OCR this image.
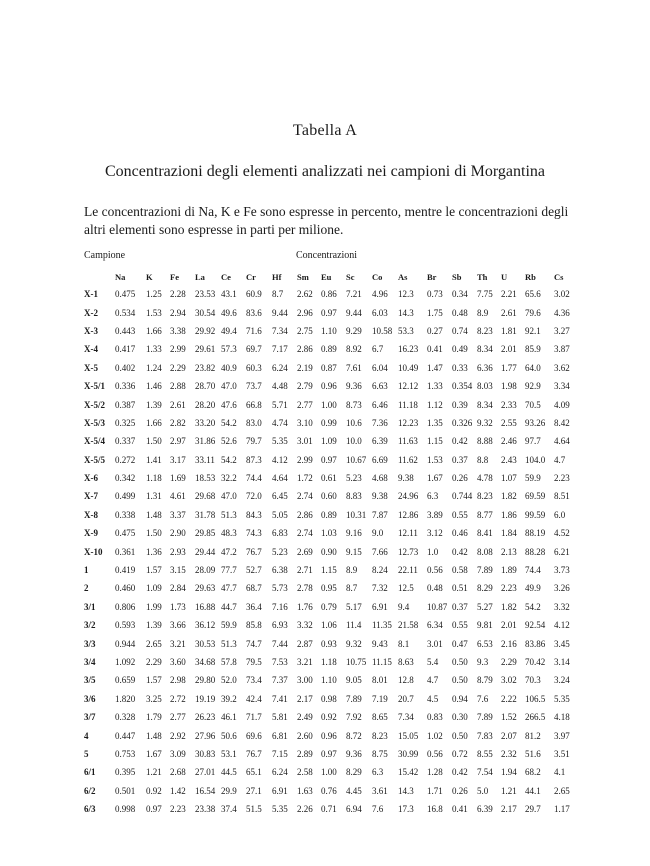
Tabella A
Concentrazioni degli elementi analizzati nei campioni di Morgantina
Le concentrazioni di Na, K e Fe sono espresse in percento, mentre le concentrazioni degli altri elementi sono espresse in parti per milione.
Campione	Concentrazioni
	Na	K	Fe	La	Ce	Cr	Hf	Sm	Eu	Sc	Co	As	Br	Sb	Th	U	Rb	Cs
X-1	0.475	1.25	2.28	23.53	43.1	60.9	8.7	2.62	0.86	7.21	4.96	12.3	0.73	0.34	7.75	2.21	65.6	3.02
X-2	0.534	1.53	2.94	30.54	49.6	83.6	9.44	2.96	0.97	9.44	6.03	14.3	1.75	0.48	8.9	2.61	79.6	4.36
X-3	0.443	1.66	3.38	29.92	49.4	71.6	7.34	2.75	1.10	9.29	10.58	53.3	0.27	0.74	8.23	1.81	92.1	3.27
X-4	0.417	1.33	2.99	29.61	57.3	69.7	7.17	2.86	0.89	8.92	6.7	16.23	0.41	0.49	8.34	2.01	85.9	3.87
X-5	0.402	1.24	2.29	23.82	40.9	60.3	6.24	2.19	0.87	7.61	6.04	10.49	1.47	0.33	6.36	1.77	64.0	3.62
X-5/1	0.336	1.46	2.88	28.70	47.0	73.7	4.48	2.79	0.96	9.36	6.63	12.12	1.33	0.354	8.03	1.98	92.9	3.34
X-5/2	0.387	1.39	2.61	28.20	47.6	66.8	5.71	2.77	1.00	8.73	6.46	11.18	1.12	0.39	8.34	2.33	70.5	4.09
X-5/3	0.325	1.66	2.82	33.20	54.2	83.0	4.74	3.10	0.99	10.6	7.36	12.23	1.35	0.326	9.32	2.55	93.26	8.42
X-5/4	0.337	1.50	2.97	31.86	52.6	79.7	5.35	3.01	1.09	10.0	6.39	11.63	1.15	0.42	8.88	2.46	97.7	4.64
X-5/5	0.272	1.41	3.17	33.11	54.2	87.3	4.12	2.99	0.97	10.67	6.69	11.62	1.53	0.37	8.8	2.43	104.0	4.7
X-6	0.342	1.18	1.69	18.53	32.2	74.4	4.64	1.72	0.61	5.23	4.68	9.38	1.67	0.26	4.78	1.07	59.9	2.23
X-7	0.499	1.31	4.61	29.68	47.0	72.0	6.45	2.74	0.60	8.83	9.38	24.96	6.3	0.744	8.23	1.82	69.59	8.51
X-8	0.338	1.48	3.37	31.78	51.3	84.3	5.05	2.86	0.89	10.31	7.87	12.86	3.89	0.55	8.77	1.86	99.59	6.0
X-9	0.475	1.50	2.90	29.85	48.3	74.3	6.83	2.74	1.03	9.16	9.0	12.11	3.12	0.46	8.41	1.84	88.19	4.52
X-10	0.361	1.36	2.93	29.44	47.2	76.7	5.23	2.69	0.90	9.15	7.66	12.73	1.0	0.42	8.08	2.13	88.28	6.21
1	0.419	1.57	3.15	28.09	77.7	52.7	6.38	2.71	1.15	8.9	8.24	22.11	0.56	0.58	7.89	1.89	74.4	3.73
2	0.460	1.09	2.84	29.63	47.7	68.7	5.73	2.78	0.95	8.7	7.32	12.5	0.48	0.51	8.29	2.23	49.9	3.26
3/1	0.806	1.99	1.73	16.88	44.7	36.4	7.16	1.76	0.79	5.17	6.91	9.4	10.87	0.37	5.27	1.82	54.2	3.32
3/2	0.593	1.39	3.66	36.12	59.9	85.8	6.93	3.32	1.06	11.4	11.35	21.58	6.34	0.55	9.81	2.01	92.54	4.12
3/3	0.944	2.65	3.21	30.53	51.3	74.7	7.44	2.87	0.93	9.32	9.43	8.1	3.01	0.47	6.53	2.16	83.86	3.45
3/4	1.092	2.29	3.60	34.68	57.8	79.5	7.53	3.21	1.18	10.75	11.15	8.63	5.4	0.50	9.3	2.29	70.42	3.14
3/5	0.659	1.57	2.98	29.80	52.0	73.4	7.37	3.00	1.10	9.05	8.01	12.8	4.7	0.50	8.79	3.02	70.3	3.24
3/6	1.820	3.25	2.72	19.19	39.2	42.4	7.41	2.17	0.98	7.89	7.19	20.7	4.5	0.94	7.6	2.22	106.5	5.35
3/7	0.328	1.79	2.77	26.23	46.1	71.7	5.81	2.49	0.92	7.92	8.65	7.34	0.83	0.30	7.89	1.52	266.5	4.18
4	0.447	1.48	2.92	27.96	50.6	69.6	6.81	2.60	0.96	8.72	8.23	15.05	1.02	0.50	7.83	2.07	81.2	3.97
5	0.753	1.67	3.09	30.83	53.1	76.7	7.15	2.89	0.97	9.36	8.75	30.99	0.56	0.72	8.55	2.32	51.6	3.51
6/1	0.395	1.21	2.68	27.01	44.5	65.1	6.24	2.58	1.00	8.29	6.3	15.42	1.28	0.42	7.54	1.94	68.2	4.1
6/2	0.501	0.92	1.42	16.54	29.9	27.1	6.91	1.63	0.76	4.45	3.61	14.3	1.71	0.26	5.0	1.21	44.1	2.65
6/3	0.998	0.97	2.23	23.38	37.4	51.5	5.35	2.26	0.71	6.94	7.6	17.3	16.8	0.41	6.39	2.17	29.7	1.17
